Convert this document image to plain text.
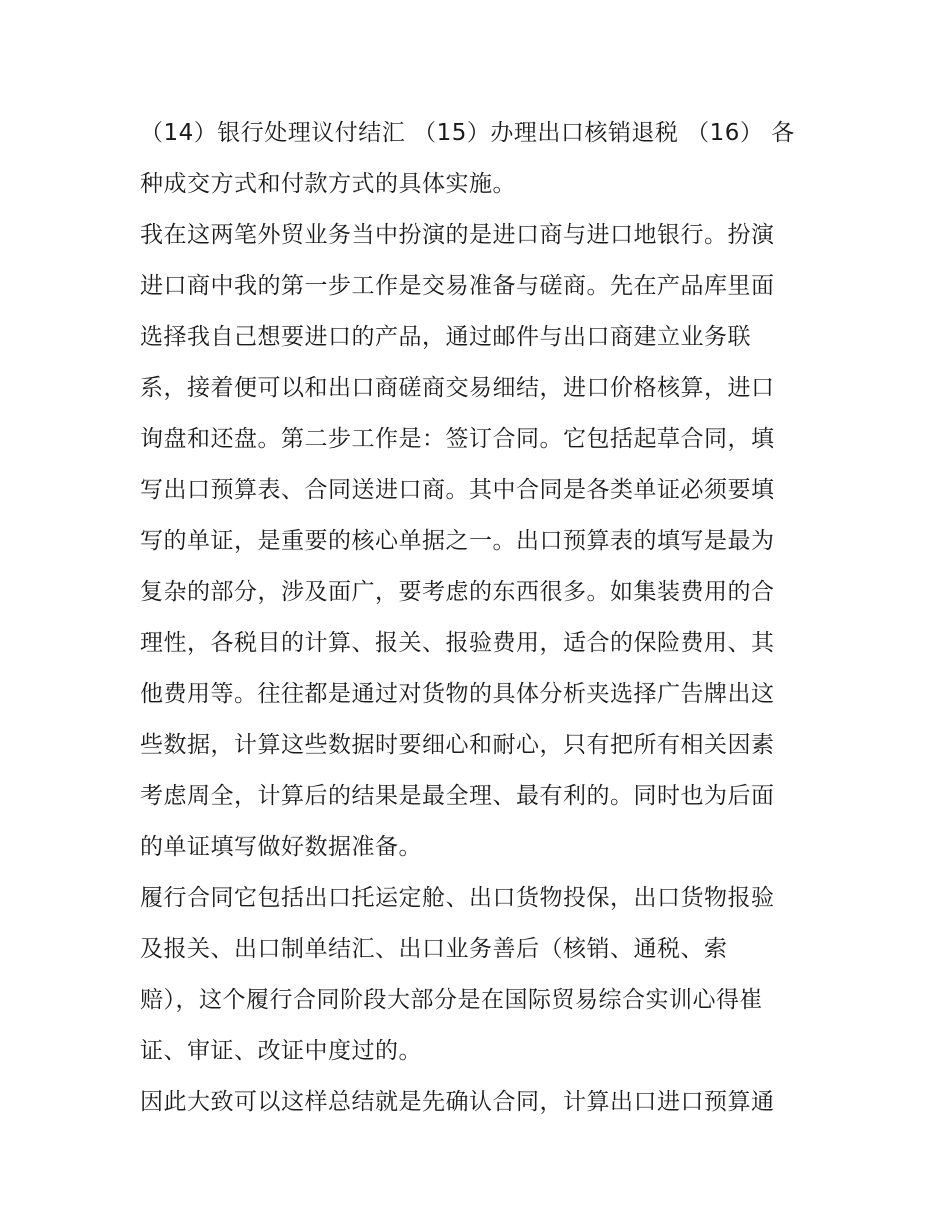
（14）银行处理议付结汇 （15）办理出口核销退税 （16） 各
种成交方式和付款方式的具体实施。
我在这两笔外贸业务当中扮演的是进口商与进口地银行。扮演
进口商中我的第一步工作是交易准备与磋商。先在产品库里面
选择我自己想要进口的产品，通过邮件与出口商建立业务联
系，接着便可以和出口商磋商交易细结，进口价格核算，进口
询盘和还盘。第二步工作是：签订合同。它包括起草合同，填
写出口预算表、合同送进口商。其中合同是各类单证必须要填
写的单证，是重要的核心单据之一。出口预算表的填写是最为
复杂的部分，涉及面广，要考虑的东西很多。如集装费用的合
理性，各税目的计算、报关、报验费用，适合的保险费用、其
他费用等。往往都是通过对货物的具体分析夹选择广告牌出这
些数据，计算这些数据时要细心和耐心，只有把所有相关因素
考虑周全，计算后的结果是最全理、最有利的。同时也为后面
的单证填写做好数据准备。
履行合同它包括出口托运定舱、出口货物投保，出口货物报验
及报关、出口制单结汇、出口业务善后（核销、通税、索
赔），这个履行合同阶段大部分是在国际贸易综合实训心得崔
证、审证、改证中度过的。
因此大致可以这样总结就是先确认合同，计算出口进口预算通
